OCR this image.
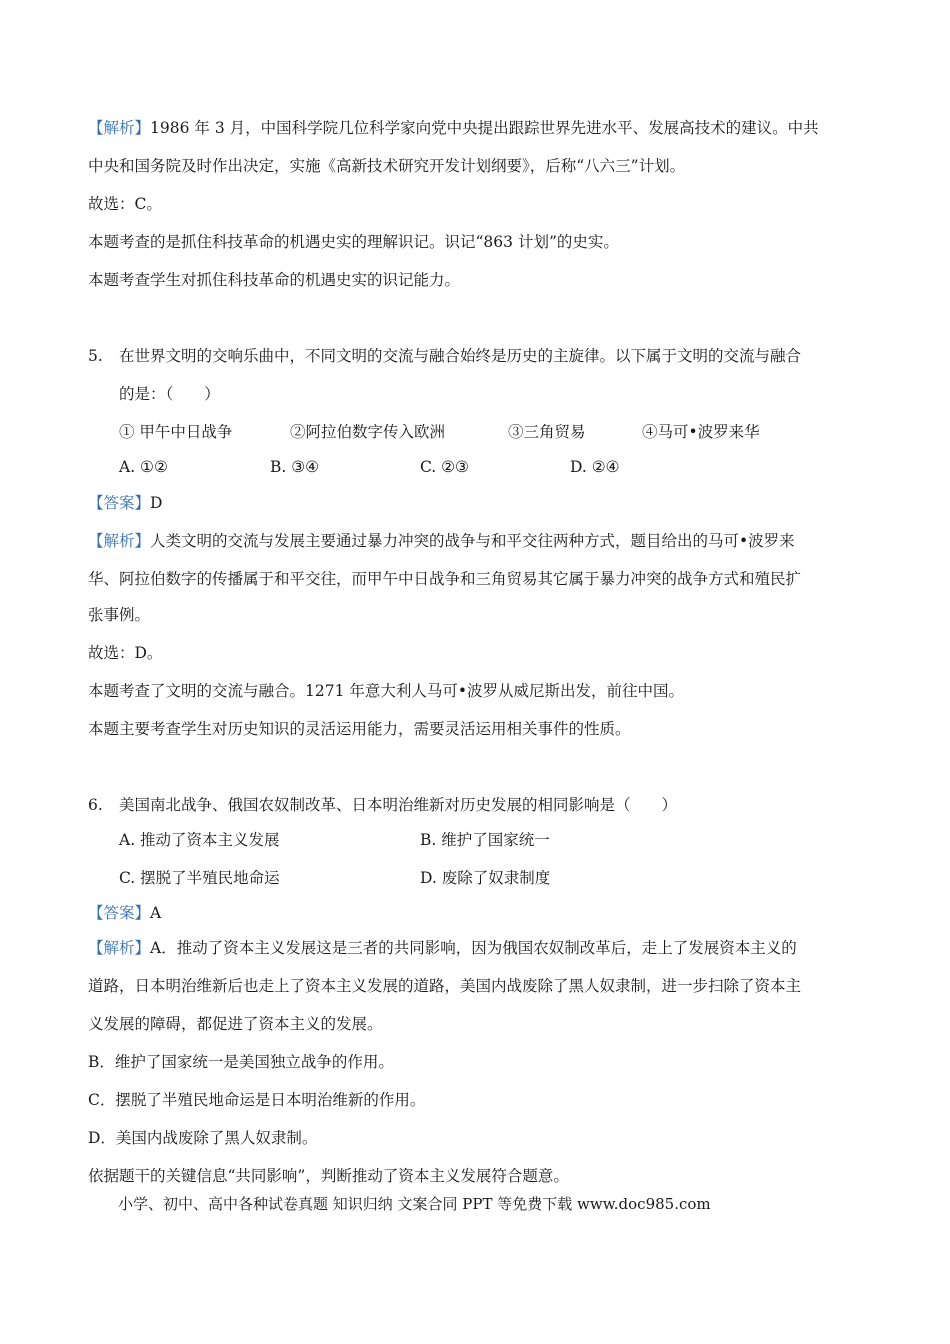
【解析】1986 年 3 月，中国科学院几位科学家向党中央提出跟踪世界先进水平、发展高技术的建议。中共
中央和国务院及时作出决定，实施《高新技术研究开发计划纲要》，后称“八六三”计划。
故选：C。
本题考查的是抓住科技革命的机遇史实的理解识记。识记“863 计划”的史实。
本题考查学生对抓住科技革命的机遇史实的识记能力。
5. 在世界文明的交响乐曲中，不同文明的交流与融合始终是历史的主旋律。以下属于文明的交流与融合
的是：（　　）
① 甲午中日战争	②阿拉伯数字传入欧洲	③三角贸易	④马可•波罗来华
A. ①②	B. ③④	C. ②③	D. ②④
【答案】D
【解析】人类文明的交流与发展主要通过暴力冲突的战争与和平交往两种方式，题目给出的马可•波罗来
华、阿拉伯数字的传播属于和平交往，而甲午中日战争和三角贸易其它属于暴力冲突的战争方式和殖民扩
张事例。
故选：D。
本题考查了文明的交流与融合。1271 年意大利人马可•波罗从威尼斯出发，前往中国。
本题主要考查学生对历史知识的灵活运用能力，需要灵活运用相关事件的性质。
6. 美国南北战争、俄国农奴制改革、日本明治维新对历史发展的相同影响是（　　）
A. 推动了资本主义发展	B. 维护了国家统一
C. 摆脱了半殖民地命运	D. 废除了奴隶制度
【答案】A
【解析】A．推动了资本主义发展这是三者的共同影响，因为俄国农奴制改革后，走上了发展资本主义的
道路，日本明治维新后也走上了资本主义发展的道路，美国内战废除了黑人奴隶制，进一步扫除了资本主
义发展的障碍，都促进了资本主义的发展。
B．维护了国家统一是美国独立战争的作用。
C．摆脱了半殖民地命运是日本明治维新的作用。
D．美国内战废除了黑人奴隶制。
依据题干的关键信息“共同影响”，判断推动了资本主义发展符合题意。
小学、初中、高中各种试卷真题 知识归纳 文案合同 PPT 等免费下载 www.doc985.com
